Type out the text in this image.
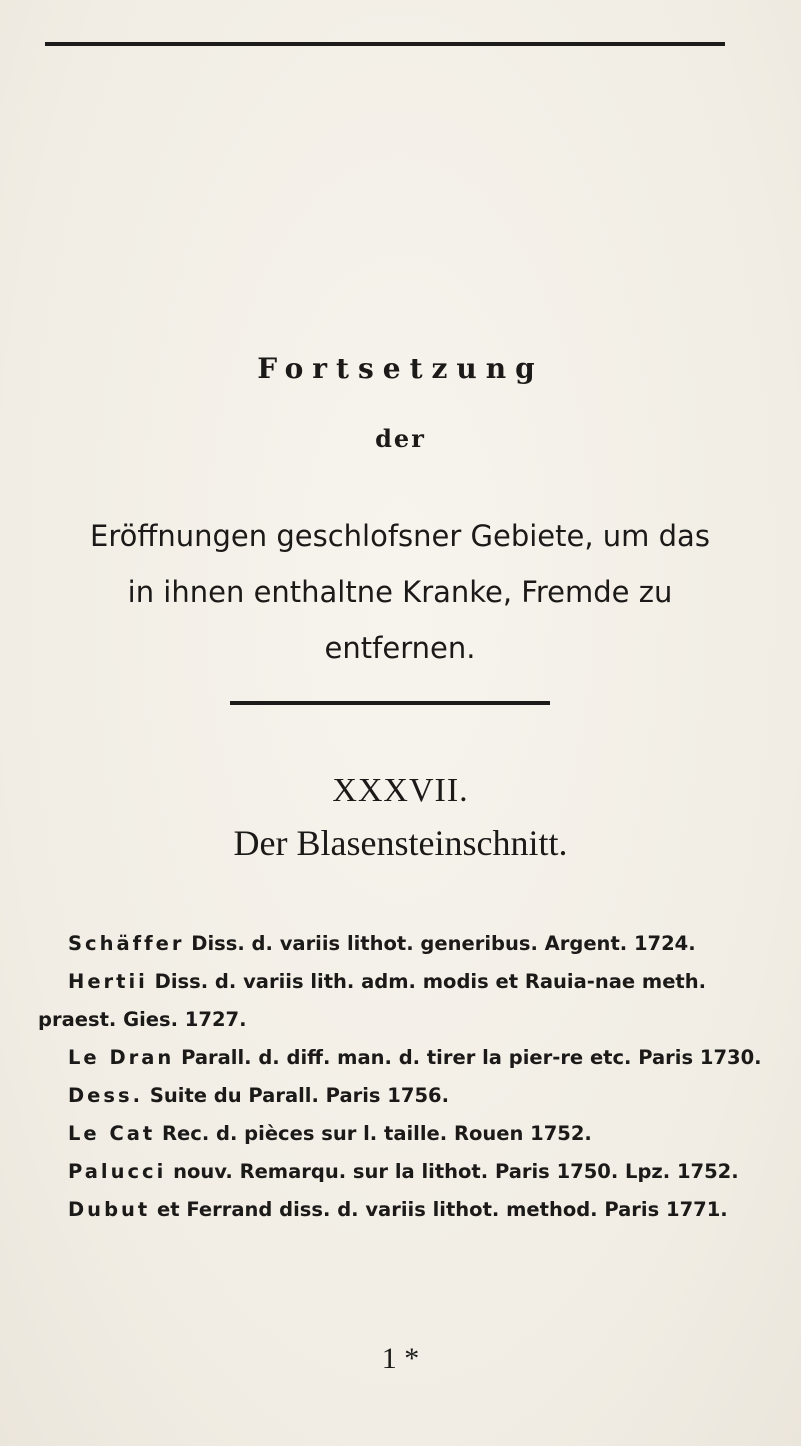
Fortsetzung
der
Eröffnungen geschlofsner Gebiete, um das
in ihnen enthaltne Kranke, Fremde zu
entfernen.
XXXVII.
Der Blasensteinschnitt.

Schäffer Diss. d. variis lithot. generibus. Argent. 1724.

Hertii Diss. d. variis lith. adm. modis et Rauia-nae meth. praest. Gies. 1727.

Le Dran Parall. d. diff. man. d. tirer la pier-re etc. Paris 1730.

Dess. Suite du Parall. Paris 1756.

Le Cat Rec. d. pièces sur l. taille. Rouen 1752.

Palucci nouv. Remarqu. sur la lithot. Paris 1750. Lpz. 1752.

Dubut et Ferrand diss. d. variis lithot. method. Paris 1771.

1 *
